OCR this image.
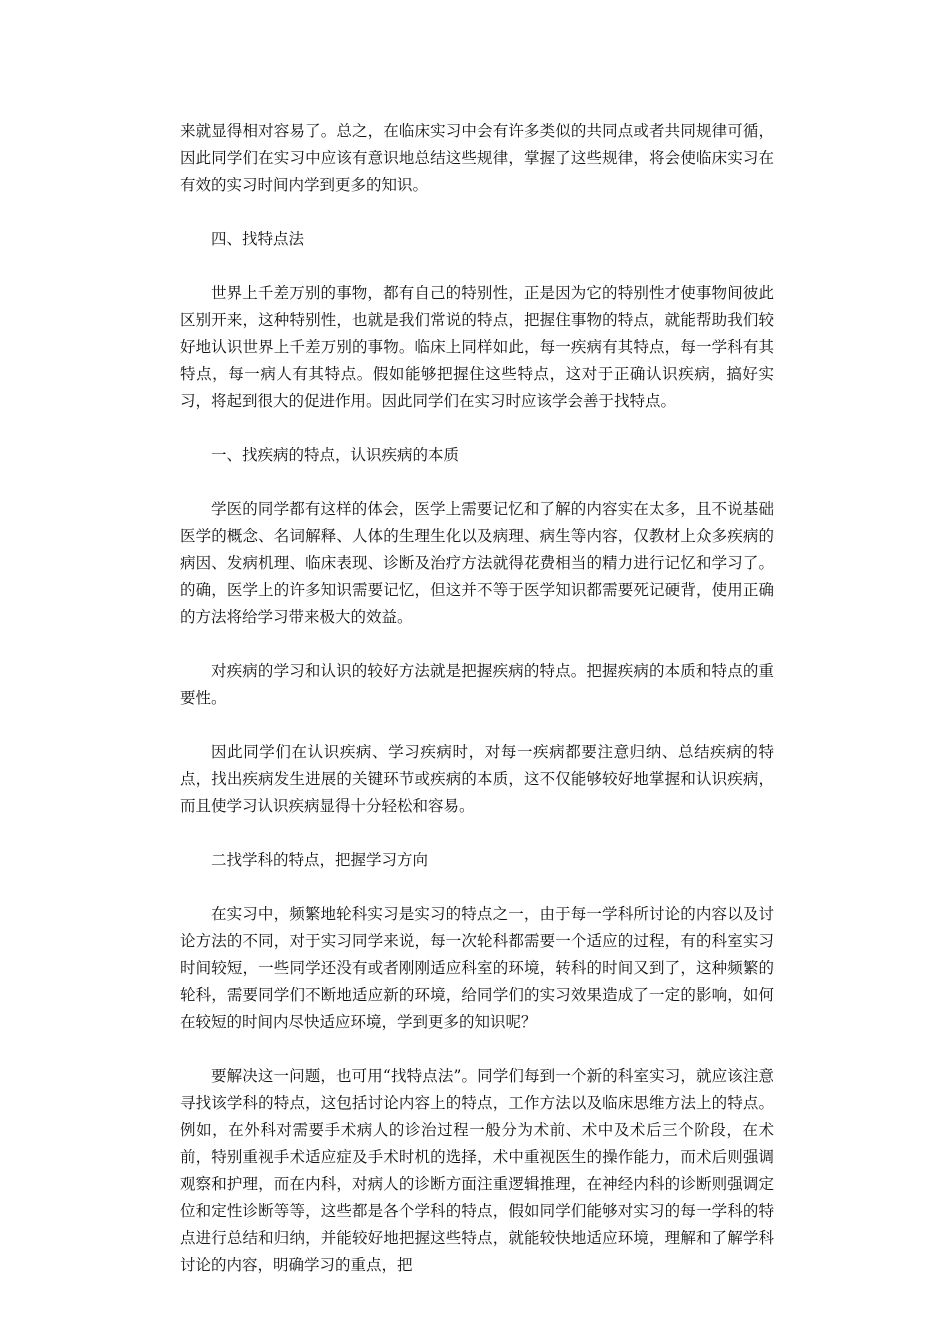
来就显得相对容易了。总之，在临床实习中会有许多类似的共同点或者共同规律可循，因此同学们在实习中应该有意识地总结这些规律，掌握了这些规律，将会使临床实习在有效的实习时间内学到更多的知识。

四、找特点法

世界上千差万别的事物，都有自己的特别性，正是因为它的特别性才使事物间彼此区别开来，这种特别性，也就是我们常说的特点，把握住事物的特点，就能帮助我们较好地认识世界上千差万别的事物。临床上同样如此，每一疾病有其特点，每一学科有其特点，每一病人有其特点。假如能够把握住这些特点，这对于正确认识疾病，搞好实习，将起到很大的促进作用。因此同学们在实习时应该学会善于找特点。

一、找疾病的特点，认识疾病的本质

学医的同学都有这样的体会，医学上需要记忆和了解的内容实在太多，且不说基础医学的概念、名词解释、人体的生理生化以及病理、病生等内容，仅教材上众多疾病的病因、发病机理、临床表现、诊断及治疗方法就得花费相当的精力进行记忆和学习了。的确，医学上的许多知识需要记忆，但这并不等于医学知识都需要死记硬背，使用正确的方法将给学习带来极大的效益。

对疾病的学习和认识的较好方法就是把握疾病的特点。把握疾病的本质和特点的重要性。

因此同学们在认识疾病、学习疾病时，对每一疾病都要注意归纳、总结疾病的特点，找出疾病发生进展的关键环节或疾病的本质，这不仅能够较好地掌握和认识疾病，而且使学习认识疾病显得十分轻松和容易。

二找学科的特点，把握学习方向

在实习中，频繁地轮科实习是实习的特点之一，由于每一学科所讨论的内容以及讨论方法的不同，对于实习同学来说，每一次轮科都需要一个适应的过程，有的科室实习时间较短，一些同学还没有或者刚刚适应科室的环境，转科的时间又到了，这种频繁的轮科，需要同学们不断地适应新的环境，给同学们的实习效果造成了一定的影响，如何在较短的时间内尽快适应环境，学到更多的知识呢？

要解决这一问题，也可用“找特点法”。同学们每到一个新的科室实习，就应该注意寻找该学科的特点，这包括讨论内容上的特点，工作方法以及临床思维方法上的特点。例如，在外科对需要手术病人的诊治过程一般分为术前、术中及术后三个阶段，在术前，特别重视手术适应症及手术时机的选择，术中重视医生的操作能力，而术后则强调观察和护理，而在内科，对病人的诊断方面注重逻辑推理，在神经内科的诊断则强调定位和定性诊断等等，这些都是各个学科的特点，假如同学们能够对实习的每一学科的特点进行总结和归纳，并能较好地把握这些特点，就能较快地适应环境，理解和了解学科讨论的内容，明确学习的重点，把
